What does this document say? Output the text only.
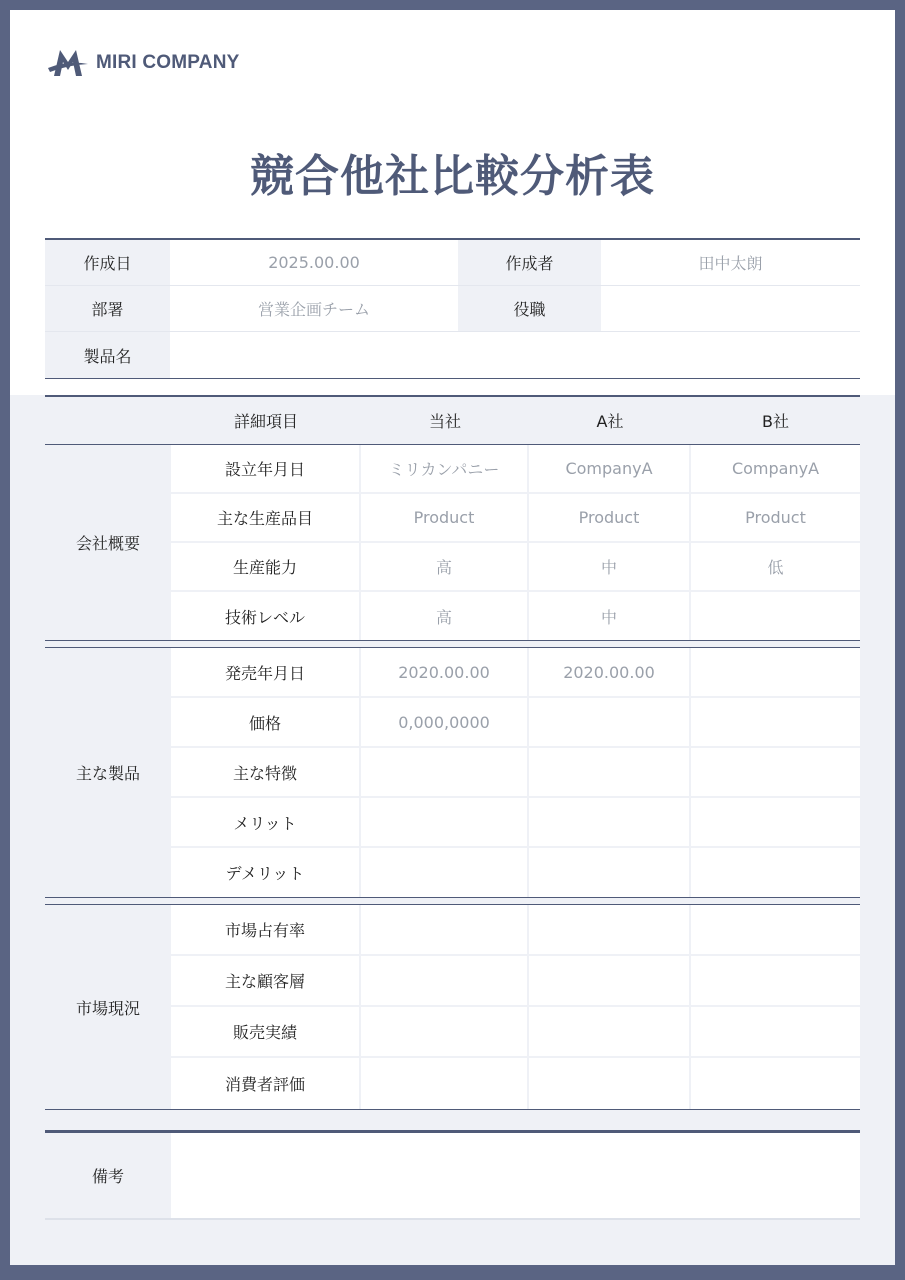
MIRI COMPANY
競合他社比較分析表
作成日	2025.00.00	作成者	田中太朗
部署	営業企画チーム	役職
製品名
詳細項目	当社	A社	B社
会社概要
設立年月日	ミリカンパニー	CompanyA	CompanyA
主な生産品目	Product	Product	Product
生産能力	高	中	低
技術レベル	高	中
主な製品
発売年月日	2020.00.00	2020.00.00
価格	0,000,0000
主な特徴
メリット
デメリット
市場現況
市場占有率
主な顧客層
販売実績
消費者評価
備考
